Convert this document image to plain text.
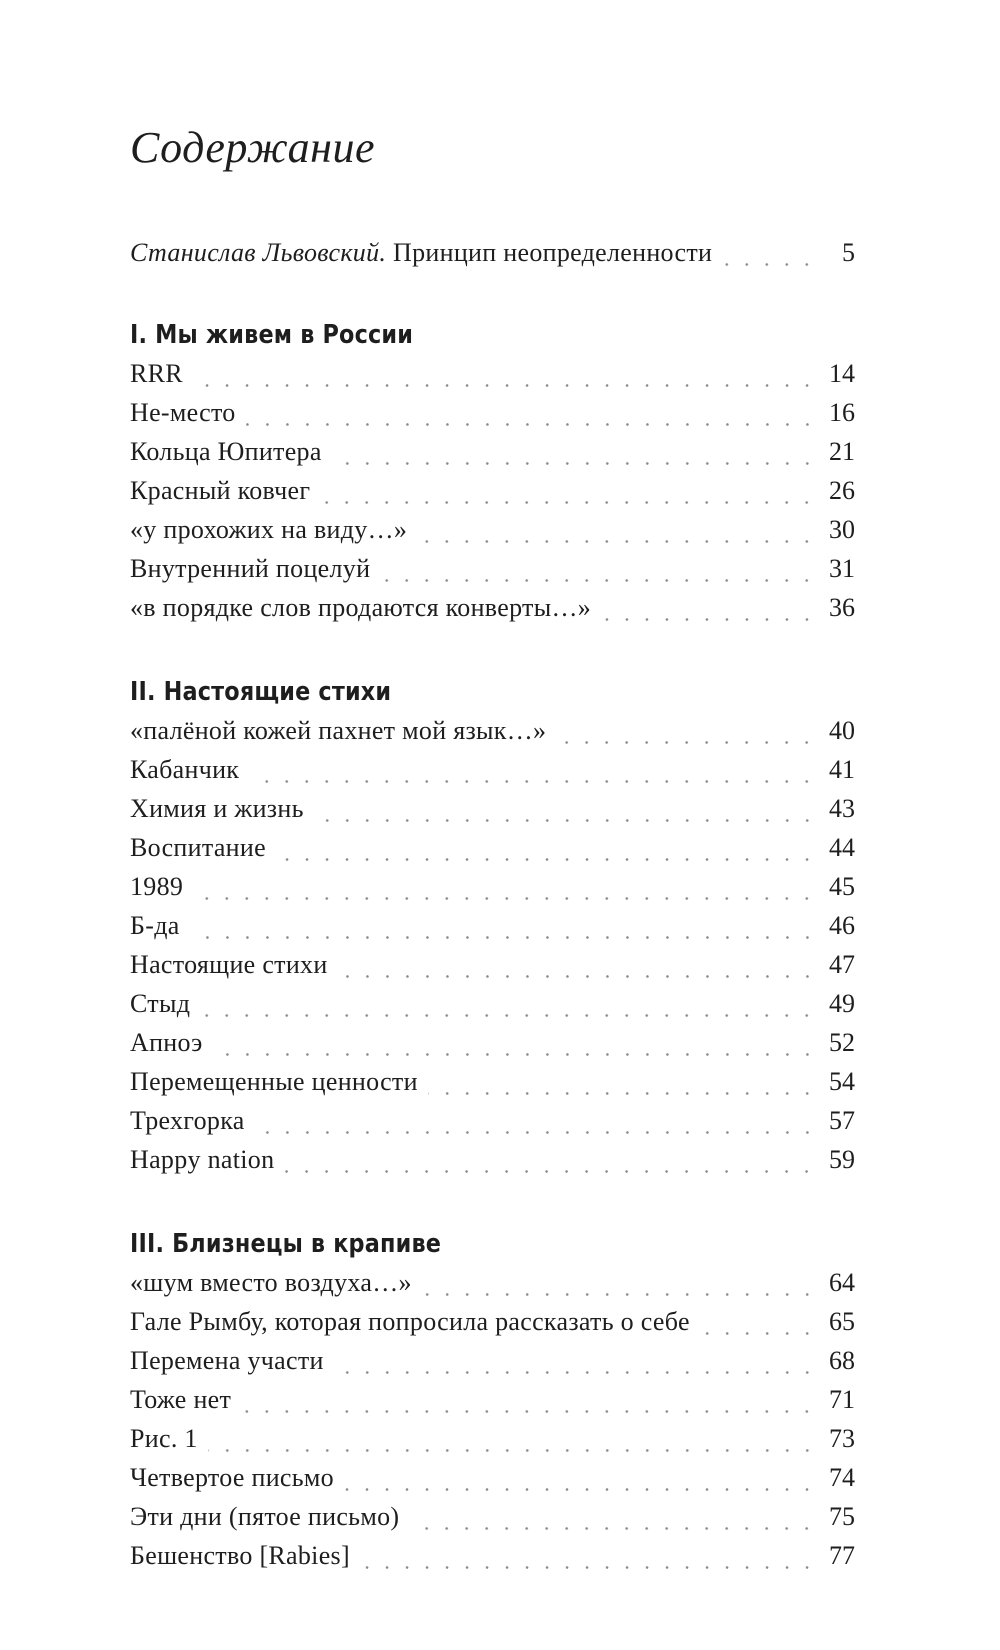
Содержание
Станислав Львовский. Принцип неопределенности	5
I. Мы живем в России
RRR	14
Не-место	16
Кольца Юпитера	21
Красный ковчег	26
«у прохожих на виду…»	30
Внутренний поцелуй	31
«в порядке слов продаются конверты…»	36
II. Настоящие стихи
«палёной кожей пахнет мой язык…»	40
Кабанчик	41
Химия и жизнь	43
Воспитание	44
1989	45
Б-да	46
Настоящие стихи	47
Стыд	49
Апноэ	52
Перемещенные ценности	54
Трехгорка	57
Happy nation	59
III. Близнецы в крапиве
«шум вместо воздуха…»	64
Гале Рымбу, которая попросила рассказать о себе	65
Перемена участи	68
Тоже нет	71
Рис. 1	73
Четвертое письмо	74
Эти дни (пятое письмо)	75
Бешенство [Rabies]	77
